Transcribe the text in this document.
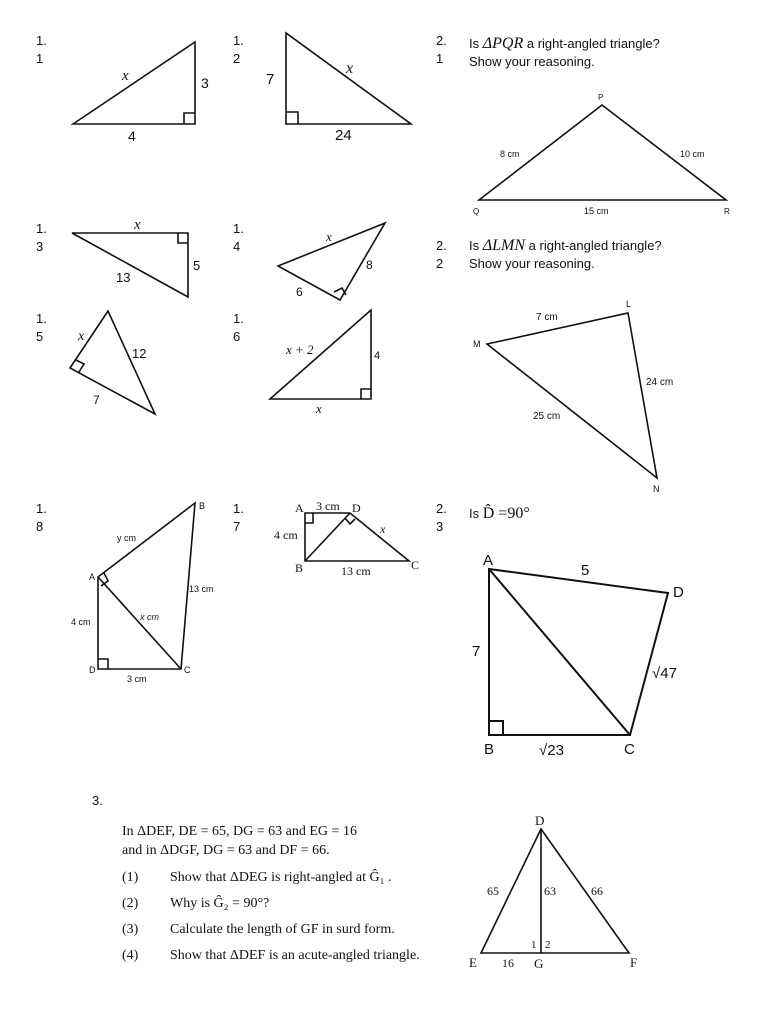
1.
1
1.
2
1.
3
1.
4
1.
5
1.
6
1.
8
1.
7
2.
1
2.
2
2.
3
3.
Is ΔPQR a right-angled triangle?
Show your reasoning.
Is ΔLMN a right-angled triangle?
Show your reasoning.
Is D̂ =90°
In ΔDEF, DE = 65, DG = 63 and EG = 16
and in ΔDGF, DG = 63 and DF = 66.
(1)	Show that ΔDEG is right-angled at Ĝ₁ .
(2)	Why is Ĝ₂ = 90°?
(3)	Calculate the length of GF in surd form.
(4)	Show that ΔDEF is an acute-angled triangle.
x	3
4
7
x
24
x
13
5
x
8
6
x
12
7
x + 2	4
x
B
A
D	C
y cm
13 cm
x cm
4 cm
3 cm
A	D
B	C
3 cm
4 cm	x
13 cm
P
Q	R
8 cm	10 cm
15 cm
L
M
N
7 cm
24 cm
25 cm
A
D
B	C
5
7
√47
√23
D
E	G	F
65	63	66
16
1 2
